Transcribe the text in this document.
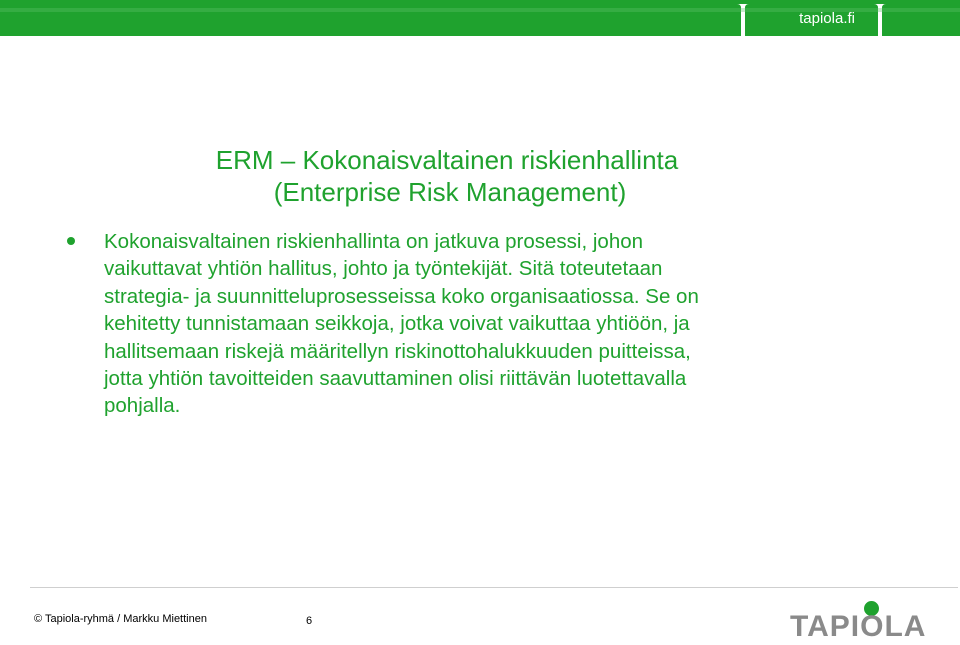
tapiola.fi
ERM – Kokonaisvaltainen riskienhallinta
(Enterprise Risk Management)
Kokonaisvaltainen riskienhallinta on jatkuva prosessi, johon
vaikuttavat yhtiön hallitus, johto ja työntekijät. Sitä toteutetaan
strategia- ja suunnitteluprosesseissa koko organisaatiossa. Se on
kehitetty tunnistamaan seikkoja, jotka voivat vaikuttaa yhtiöön, ja
hallitsemaan riskejä määritellyn riskinottohalukkuuden puitteissa,
jotta yhtiön tavoitteiden saavuttaminen olisi riittävän luotettavalla
pohjalla.
© Tapiola-ryhmä / Markku Miettinen	6	TAPIOLA
